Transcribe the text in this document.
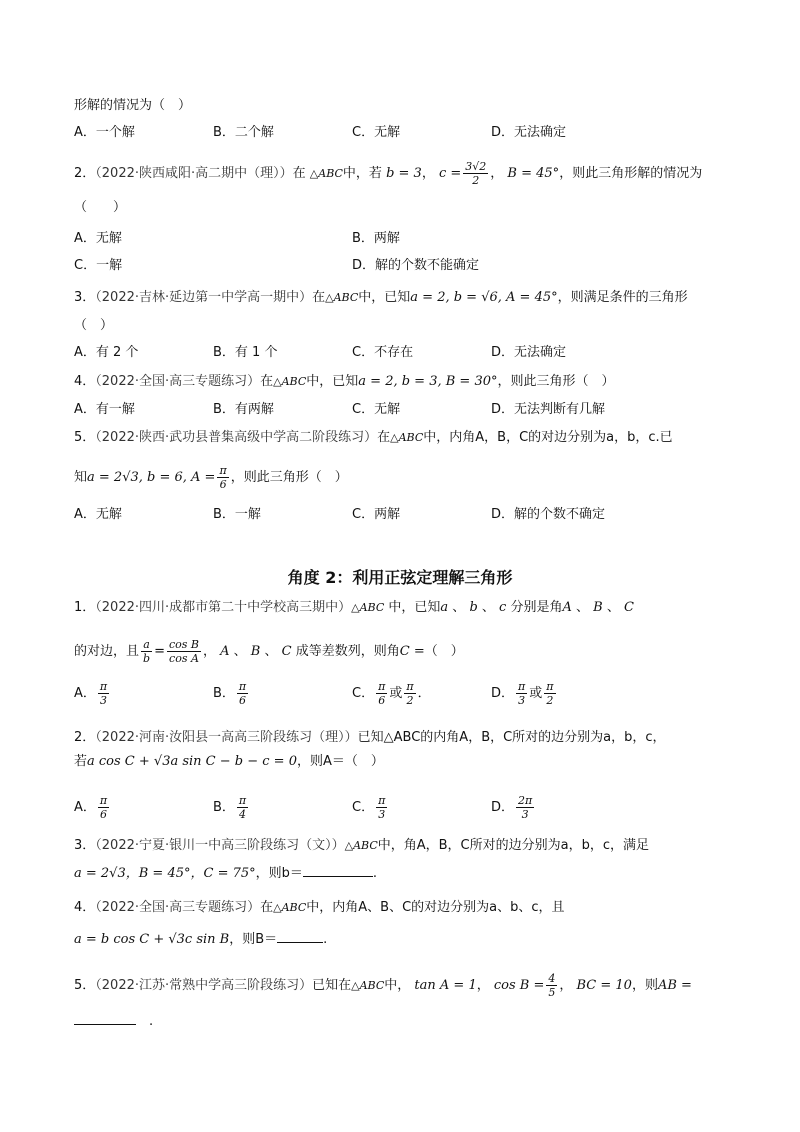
形解的情况为（　）
A．一个解	B．二个解	C．无解	D．无法确定
2．（2022·陕西咸阳·高二期中（理））在 △ABC中，若 b = 3， $c = \frac{3√2}{2}$ ， B = 45°，则此三角形解的情况为
（　　）
A．无解	B．两解
C．一解	D．解的个数不能确定
3．（2022·吉林·延边第一中学高一期中）在△ABC中，已知a = 2, b = √6, A = 45°，则满足条件的三角形
（　）
A．有 2 个	B．有 1 个	C．不存在	D．无法确定
4．（2022·全国·高三专题练习）在△ABC中，已知a = 2, b = 3, B = 30°，则此三角形（　）
A．有一解	B．有两解	C．无解	D．无法判断有几解
5．（2022·陕西·武功县普集高级中学高二阶段练习）在△ABC中，内角A，B，C的对边分别为a，b，c.已
知a = 2√3, b = 6, $A = \frac{\pi}{6}$ ，则此三角形（　）
A．无解	B．一解	C．两解	D．解的个数不确定
角度 2：利用正弦定理解三角形
1．（2022·四川·成都市第二十中学校高三期中）△ABC 中，已知a 、 b 、 c 分别是角A 、 B 、 C
的对边，且 $\frac{a}{b} = \frac{\text{cos B}}{\text{cos A}}$ ， A 、 B 、 C 成等差数列，则角C =（　）
A． $\frac{\pi}{3}$	B． $\frac{\pi}{6}$	C． $\frac{\pi}{6}$ 或 $\frac{\pi}{2}$ ．	D． $\frac{\pi}{3}$ 或 $\frac{\pi}{2}$
2．（2022·河南·汝阳县一高高三阶段练习（理））已知△ABC的内角A，B，C所对的边分别为a，b，c，
若a cos C + √3a sin C − b − c = 0，则A＝（　）
A． $\frac{\pi}{6}$	B． $\frac{\pi}{4}$	C． $\frac{\pi}{3}$	D． $\frac{2\pi}{3}$
3．（2022·宁夏·银川一中高三阶段练习（文））△ABC中，角A，B，C所对的边分别为a，b，c，满足
a = 2√3，B = 45°，C = 75°，则b＝	.
4．（2022·全国·高三专题练习）在△ABC中，内角A、B、C的对边分别为a、b、c，且
a = b cos C + √3c sin B，则B＝	.
5．（2022·江苏·常熟中学高三阶段练习）已知在△ABC中， tan A = 1， $\cos B = \frac{4}{5}$ ， BC = 10，则AB =
　.
